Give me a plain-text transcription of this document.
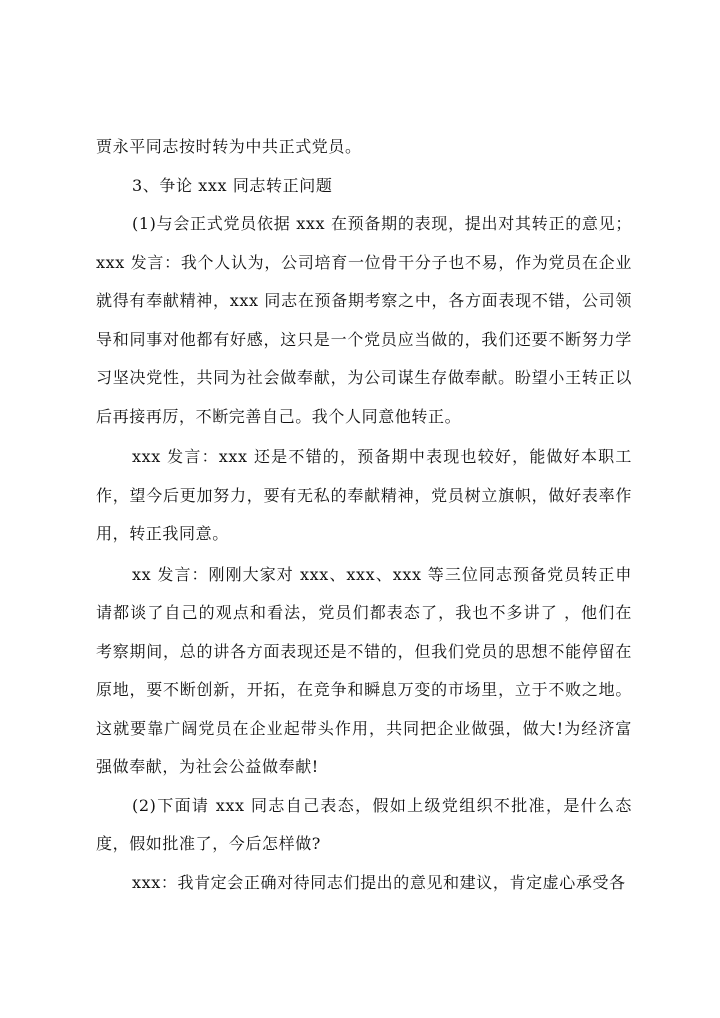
贾永平同志按时转为中共正式党员。

3、争论 xxx 同志转正问题

(1)与会正式党员依据 xxx 在预备期的表现，提出对其转正的意见；xxx 发言：我个人认为，公司培育一位骨干分子也不易，作为党员在企业就得有奉献精神，xxx 同志在预备期考察之中，各方面表现不错，公司领导和同事对他都有好感，这只是一个党员应当做的，我们还要不断努力学习坚决党性，共同为社会做奉献，为公司谋生存做奉献。盼望小王转正以后再接再厉，不断完善自己。我个人同意他转正。

xxx 发言：xxx 还是不错的，预备期中表现也较好，能做好本职工作，望今后更加努力，要有无私的奉献精神，党员树立旗帜，做好表率作用，转正我同意。

xx 发言：刚刚大家对 xxx、xxx、xxx 等三位同志预备党员转正申请都谈了自己的观点和看法，党员们都表态了，我也不多讲了 ，他们在考察期间，总的讲各方面表现还是不错的，但我们党员的思想不能停留在原地，要不断创新，开拓，在竞争和瞬息万变的市场里，立于不败之地。这就要靠广阔党员在企业起带头作用，共同把企业做强，做大!为经济富强做奉献，为社会公益做奉献!

(2)下面请 xxx 同志自己表态，假如上级党组织不批准，是什么态度，假如批准了，今后怎样做?

xxx：我肯定会正确对待同志们提出的意见和建议，肯定虚心承受各
